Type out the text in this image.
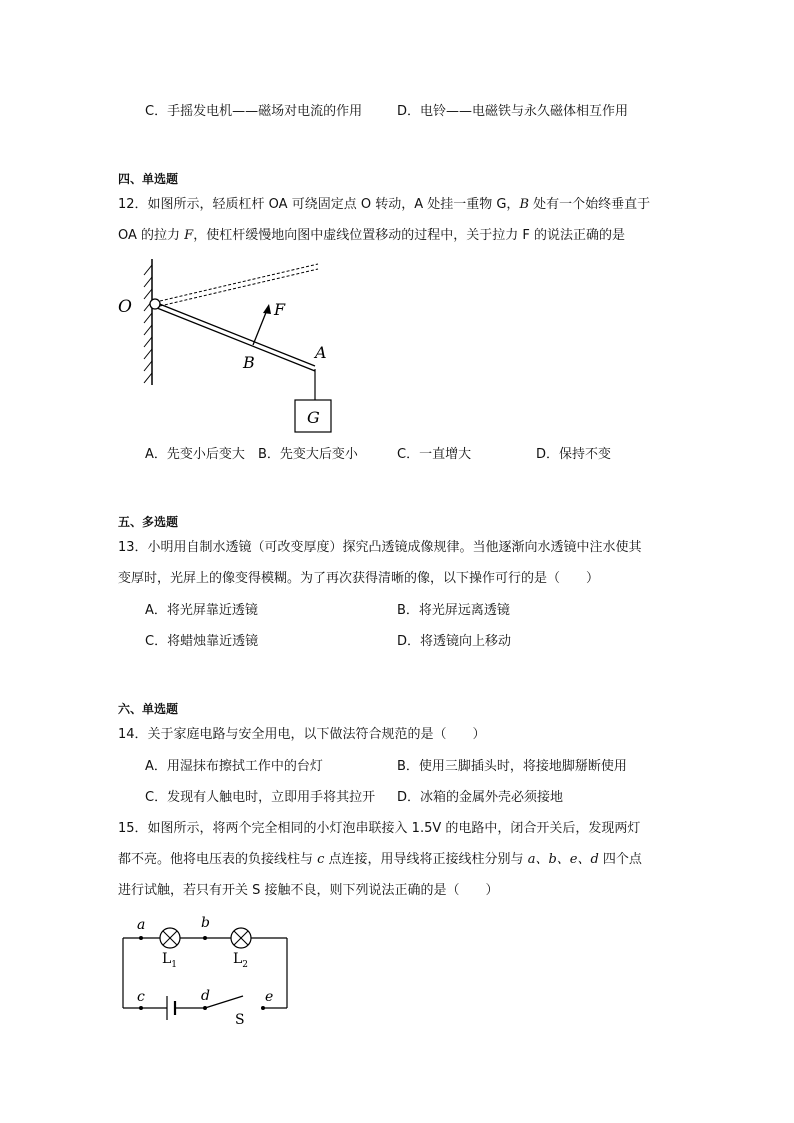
C．手摇发电机——磁场对电流的作用	D．电铃——电磁铁与永久磁体相互作用
四、单选题
12．如图所示，轻质杠杆 OA 可绕固定点 O 转动，A 处挂一重物 G，B 处有一个始终垂直于
OA 的拉力 F，使杠杆缓慢地向图中虚线位置移动的过程中，关于拉力 F 的说法正确的是
O	F
B
A
G
A．先变小后变大 B．先变大后变小	C．一直增大	D．保持不变
五、多选题
13．小明用自制水透镜（可改变厚度）探究凸透镜成像规律。当他逐渐向水透镜中注水使其
变厚时，光屏上的像变得模糊。为了再次获得清晰的像，以下操作可行的是（　　）
A．将光屏靠近透镜	B．将光屏远离透镜
C．将蜡烛靠近透镜	D．将透镜向上移动
六、单选题
14．关于家庭电路与安全用电，以下做法符合规范的是（　　）
A．用湿抹布擦拭工作中的台灯	B．使用三脚插头时，将接地脚掰断使用
C．发现有人触电时，立即用手将其拉开 D．冰箱的金属外壳必须接地
15．如图所示，将两个完全相同的小灯泡串联接入 1.5V 的电路中，闭合开关后，发现两灯
都不亮。他将电压表的负接线柱与 c 点连接，用导线将正接线柱分别与 a、b、e、d 四个点
进行试触，若只有开关 S 接触不良，则下列说法正确的是（　　）
a	b
c	d	e
$L_1$	$L_2$
S
